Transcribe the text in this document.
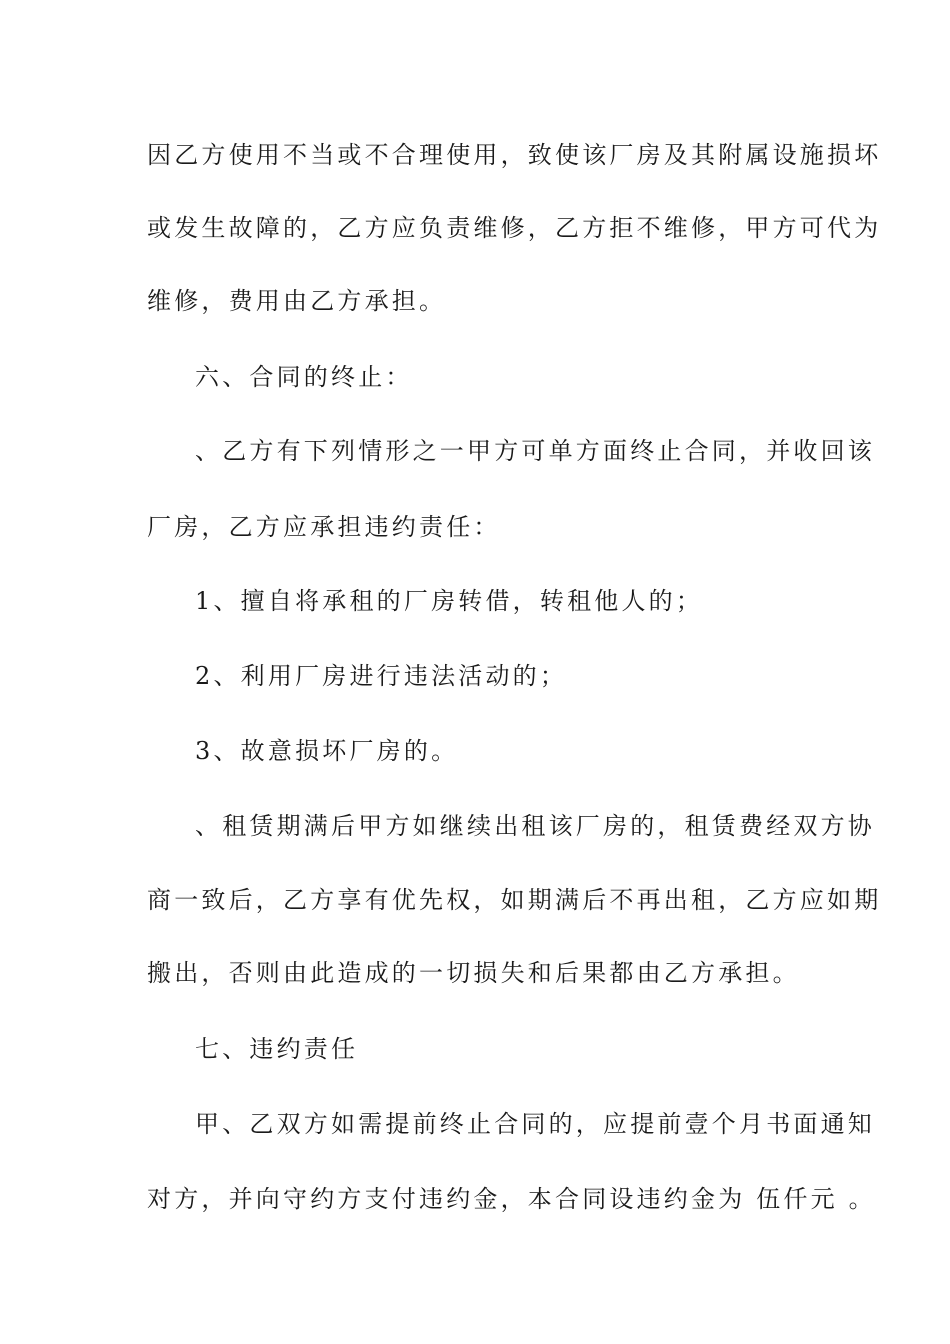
因乙方使用不当或不合理使用，致使该厂房及其附属设施损坏
或发生故障的，乙方应负责维修，乙方拒不维修，甲方可代为
维修，费用由乙方承担。
六、合同的终止：
、乙方有下列情形之一甲方可单方面终止合同，并收回该
厂房，乙方应承担违约责任：
1、擅自将承租的厂房转借，转租他人的；
2、利用厂房进行违法活动的；
3、故意损坏厂房的。
、租赁期满后甲方如继续出租该厂房的，租赁费经双方协
商一致后，乙方享有优先权，如期满后不再出租，乙方应如期
搬出，否则由此造成的一切损失和后果都由乙方承担。
七、违约责任
甲、乙双方如需提前终止合同的，应提前壹个月书面通知
对方，并向守约方支付违约金，本合同设违约金为 伍仟元 。
